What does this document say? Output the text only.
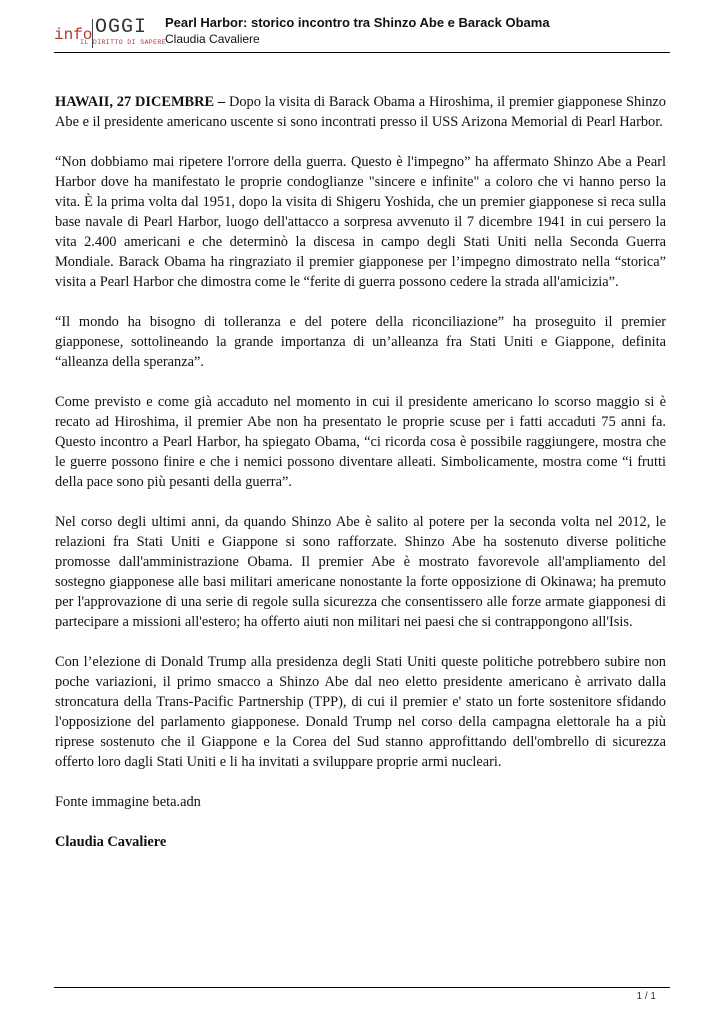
info OGGI
IL DIRITTO DI SAPERE
Pearl Harbor: storico incontro tra Shinzo Abe e Barack Obama
Claudia Cavaliere

HAWAII, 27 DICEMBRE – Dopo la visita di Barack Obama a Hiroshima, il premier giapponese Shinzo Abe e il presidente americano uscente si sono incontrati presso il USS Arizona Memorial di Pearl Harbor.

“Non dobbiamo mai ripetere l'orrore della guerra. Questo è l'impegno” ha affermato Shinzo Abe a Pearl Harbor dove ha manifestato le proprie condoglianze "sincere e infinite" a coloro che vi hanno perso la vita. È la prima volta dal 1951, dopo la visita di Shigeru Yoshida, che un premier giapponese si reca sulla base navale di Pearl Harbor, luogo dell'attacco a sorpresa avvenuto il 7 dicembre 1941 in cui persero la vita 2.400 americani e che determinò la discesa in campo degli Stati Uniti nella Seconda Guerra Mondiale. Barack Obama ha ringraziato il premier giapponese per l’impegno dimostrato nella “storica” visita a Pearl Harbor che dimostra come le “ferite di guerra possono cedere la strada all'amicizia”.

“Il mondo ha bisogno di tolleranza e del potere della riconciliazione” ha proseguito il premier giapponese, sottolineando la grande importanza di un’alleanza fra Stati Uniti e Giappone, definita “alleanza della speranza”.

Come previsto e come già accaduto nel momento in cui il presidente americano lo scorso maggio si è recato ad Hiroshima, il premier Abe non ha presentato le proprie scuse per i fatti accaduti 75 anni fa. Questo incontro a Pearl Harbor, ha spiegato Obama, “ci ricorda cosa è possibile raggiungere, mostra che le guerre possono finire e che i nemici possono diventare alleati. Simbolicamente, mostra come “i frutti della pace sono più pesanti della guerra”.

Nel corso degli ultimi anni, da quando Shinzo Abe è salito al potere per la seconda volta nel 2012, le relazioni fra Stati Uniti e Giappone si sono rafforzate. Shinzo Abe ha sostenuto diverse politiche promosse dall'amministrazione Obama. Il premier Abe è mostrato favorevole all'ampliamento del sostegno giapponese alle basi militari americane nonostante la forte opposizione di Okinawa; ha premuto per l'approvazione di una serie di regole sulla sicurezza che consentissero alle forze armate giapponesi di partecipare a missioni all'estero; ha offerto aiuti non militari nei paesi che si contrappongono all'Isis.

Con l’elezione di Donald Trump alla presidenza degli Stati Uniti queste politiche potrebbero subire non poche variazioni, il primo smacco a Shinzo Abe dal neo eletto presidente americano è arrivato dalla stroncatura della Trans-Pacific Partnership (TPP), di cui il premier e' stato un forte sostenitore sfidando l'opposizione del parlamento giapponese. Donald Trump nel corso della campagna elettorale ha a più riprese sostenuto che il Giappone e la Corea del Sud stanno approfittando dell'ombrello di sicurezza offerto loro dagli Stati Uniti e li ha invitati a sviluppare proprie armi nucleari.

Fonte immagine beta.adn

Claudia Cavaliere

1 / 1
